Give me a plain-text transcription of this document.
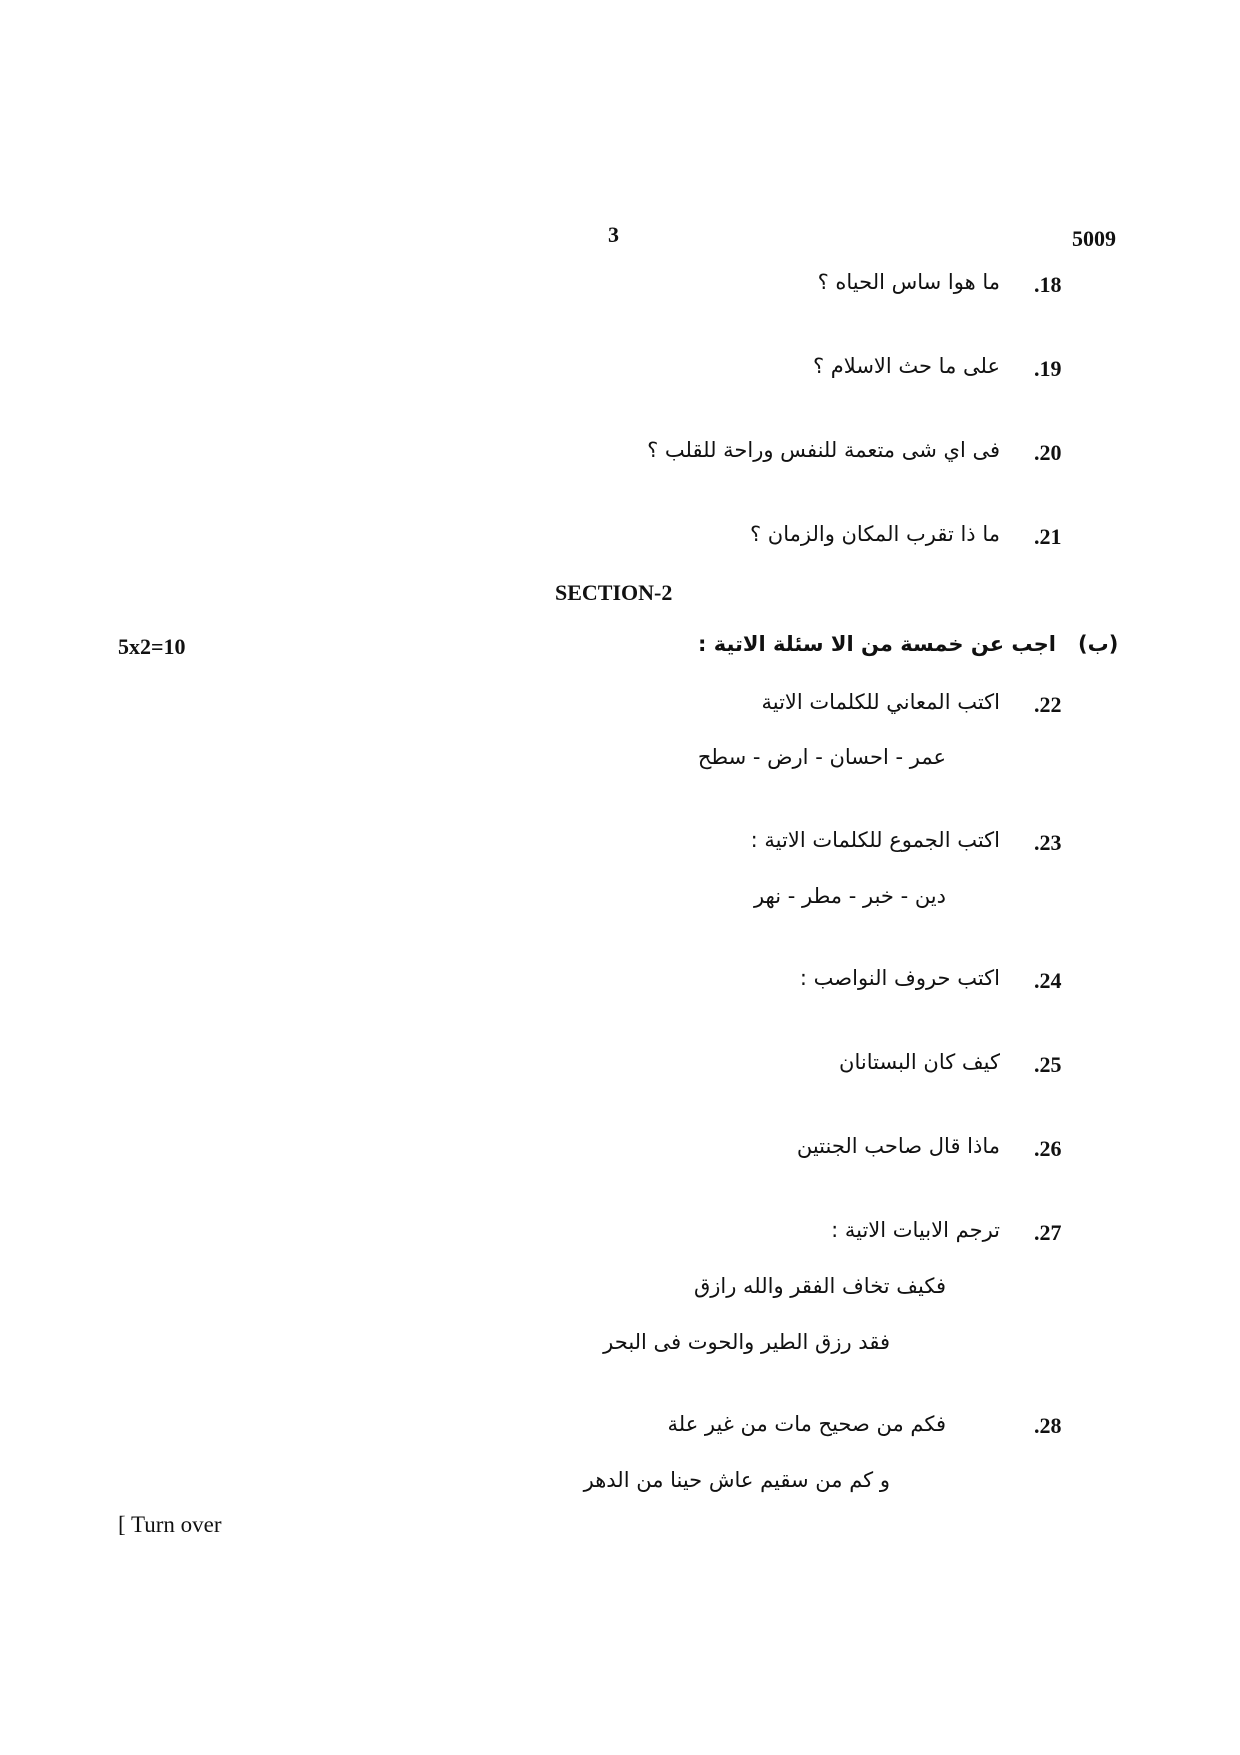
3	5009
.18
ما هوا ساس الحياه ؟
.19
على ما حث الاسلام ؟
.20
فى اي شى متعمة للنفس وراحة للقلب ؟
.21
ما ذا تقرب المكان والزمان ؟
SECTION-2
(ب)
اجب عن خمسة من الا سئلة الاتية :
5x2=10
.22
اكتب المعاني للكلمات الاتية
عمر - احسان - ارض - سطح
.23
اكتب الجموع للكلمات الاتية :
دين - خبر - مطر - نهر
.24
اكتب حروف النواصب :
.25
كيف كان البستانان
.26
ماذا قال صاحب الجنتين
.27
ترجم الابيات الاتية :
فكيف تخاف الفقر والله رازق
فقد رزق الطير والحوت فى البحر
.28
فكم من صحيح مات من غير علة
و كم من سقيم عاش حينا من الدهر
[ Turn over
